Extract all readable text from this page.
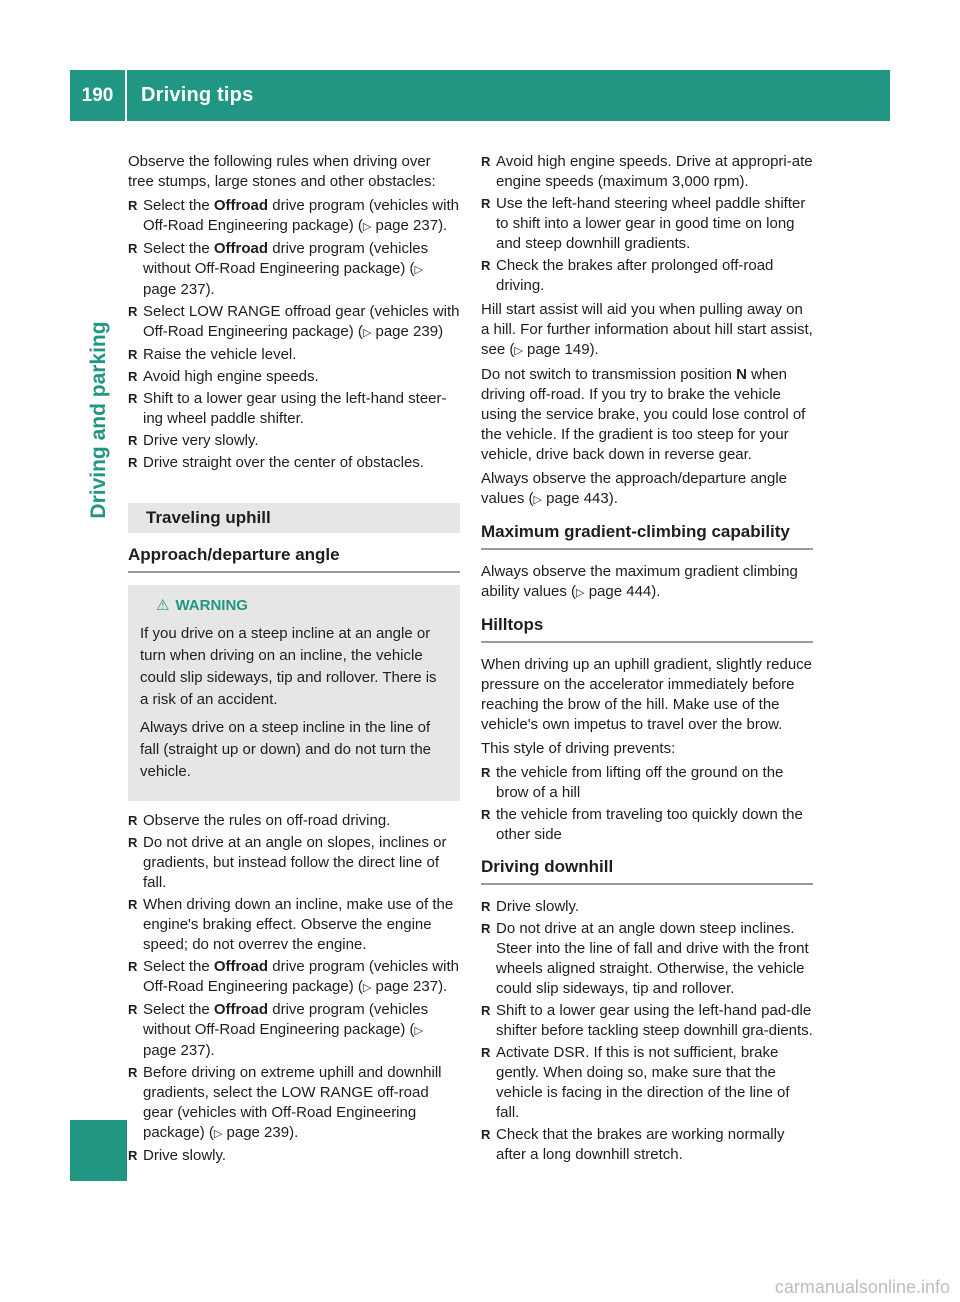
190	Driving tips
Driving and parking

Observe the following rules when driving over tree stumps, large stones and other obstacles:

R Select the Offroad drive program (vehicles with Off-Road Engineering package) (▷ page 237).
R Select the Offroad drive program (vehicles without Off-Road Engineering package) (▷ page 237).
R Select LOW RANGE offroad gear (vehicles with Off-Road Engineering package) (▷ page 239)
R Raise the vehicle level.
R Avoid high engine speeds.
R Shift to a lower gear using the left-hand steer-ing wheel paddle shifter.
R Drive very slowly.
R Drive straight over the center of obstacles.
Traveling uphill
Approach/departure angle
⚠ WARNING

If you drive on a steep incline at an angle or turn when driving on an incline, the vehicle could slip sideways, tip and rollover. There is a risk of an accident.

Always drive on a steep incline in the line of fall (straight up or down) and do not turn the vehicle.

R Observe the rules on off-road driving.
R Do not drive at an angle on slopes, inclines or gradients, but instead follow the direct line of fall.
R When driving down an incline, make use of the engine's braking effect. Observe the engine speed; do not overrev the engine.
R Select the Offroad drive program (vehicles with Off-Road Engineering package) (▷ page 237).
R Select the Offroad drive program (vehicles without Off-Road Engineering package) (▷ page 237).
R Before driving on extreme uphill and downhill gradients, select the LOW RANGE off-road gear (vehicles with Off-Road Engineering package) (▷ page 239).
R Drive slowly.
R Avoid high engine speeds. Drive at appropri-ate engine speeds (maximum 3,000 rpm).
R Use the left-hand steering wheel paddle shifter to shift into a lower gear in good time on long and steep downhill gradients.
R Check the brakes after prolonged off-road driving.

Hill start assist will aid you when pulling away on a hill. For further information about hill start assist, see (▷ page 149).

Do not switch to transmission position N when driving off-road. If you try to brake the vehicle using the service brake, you could lose control of the vehicle. If the gradient is too steep for your vehicle, drive back down in reverse gear.

Always observe the approach/departure angle values (▷ page 443).

Maximum gradient-climbing capability

Always observe the maximum gradient climbing ability values (▷ page 444).

Hilltops

When driving up an uphill gradient, slightly reduce pressure on the accelerator immediately before reaching the brow of the hill. Make use of the vehicle's own impetus to travel over the brow.

This style of driving prevents:

R the vehicle from lifting off the ground on the brow of a hill
R the vehicle from traveling too quickly down the other side
Driving downhill
R Drive slowly.
R Do not drive at an angle down steep inclines. Steer into the line of fall and drive with the front wheels aligned straight. Otherwise, the vehicle could slip sideways, tip and rollover.
R Shift to a lower gear using the left-hand pad-dle shifter before tackling steep downhill gra-dients.
R Activate DSR. If this is not sufficient, brake gently. When doing so, make sure that the vehicle is facing in the direction of the line of fall.
R Check that the brakes are working normally after a long downhill stretch.
carmanualsonline.info
